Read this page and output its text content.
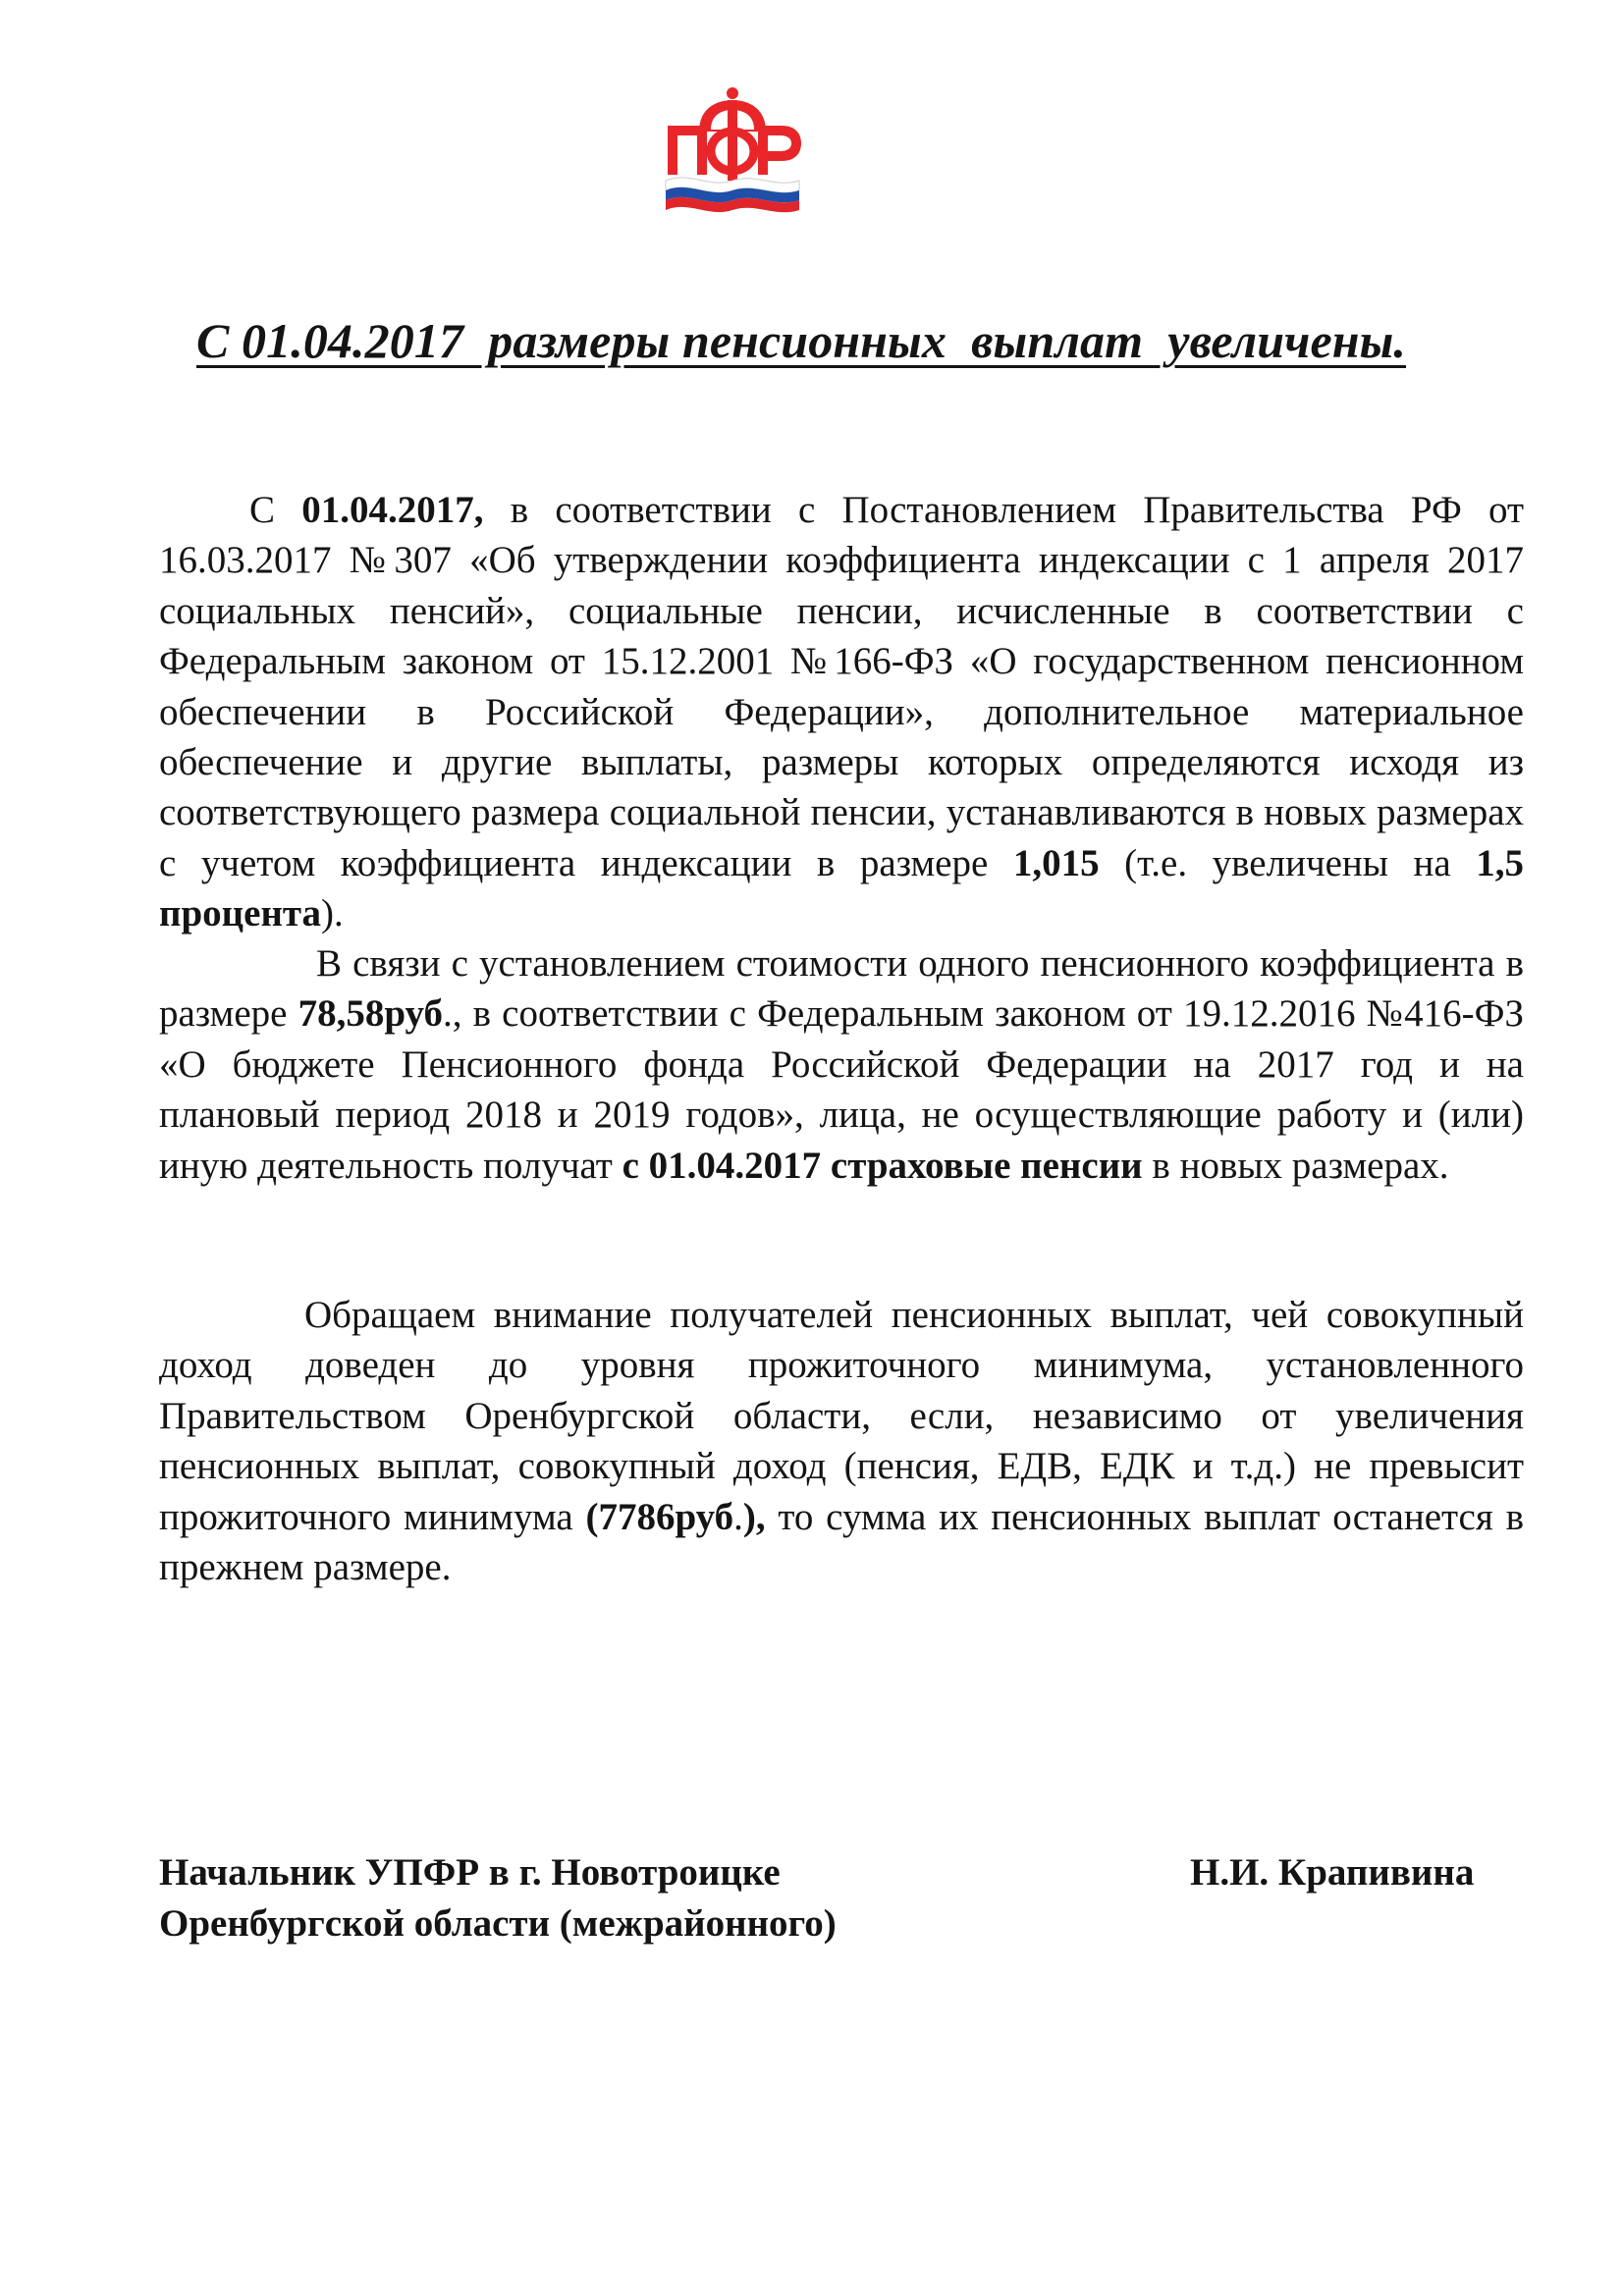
С 01.04.2017  размеры пенсионных  выплат  увеличены.

С 01.04.2017, в соответствии с Постановлением Правительства РФ от 16.03.2017 №307 «Об утверждении коэффициента индексации с 1 апреля 2017 социальных пенсий», социальные пенсии, исчисленные в соответствии с Федеральным законом от 15.12.2001 №166-ФЗ «О государственном пенсионном обеспечении в Российской Федерации», дополнительное материальное обеспечение и другие выплаты, размеры которых определяются исходя из соответствующего размера социальной пенсии, устанавливаются в новых размерах с учетом коэффициента индексации в размере 1,015 (т.е. увеличены на 1,5 процента).

В связи с установлением стоимости одного пенсионного коэффициента в размере 78,58руб., в соответствии с Федеральным законом от 19.12.2016 №416-ФЗ «О бюджете Пенсионного фонда Российской Федерации на 2017 год и на плановый период 2018 и 2019 годов», лица, не осуществляющие работу и (или) иную деятельность получат с 01.04.2017 страховые пенсии в новых размерах.

Обращаем внимание получателей пенсионных выплат, чей совокупный доход доведен до уровня прожиточного минимума, установленного Правительством Оренбургской области, если, независимо от увеличения пенсионных выплат, совокупный доход (пенсия, ЕДВ, ЕДК и т.д.) не превысит прожиточного минимума (7786руб.), то сумма их пенсионных выплат останется в прежнем размере.

Начальник УПФР в г. Новотроицке
Оренбургской области (межрайонного)
Н.И. Крапивина
